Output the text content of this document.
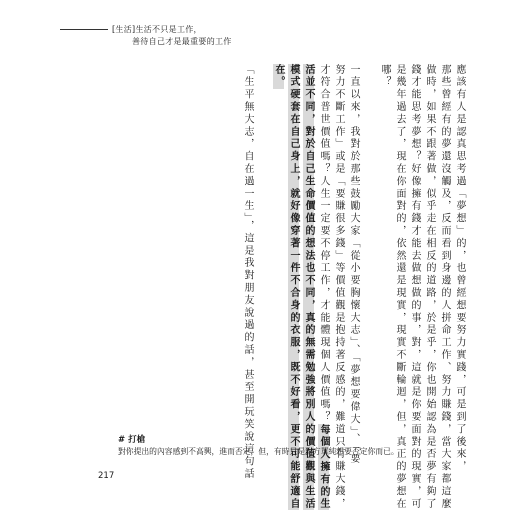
[生活]生活不只是工作，
善待自己才是最重要的工作
應該有人是認真思考過「夢想」的，也曾經想要努力實踐，可是到了後來，
那些曾經有的夢還沒觸及，反而看到身邊的人拼命工作、努力賺錢，當大家都這麼
做時，如果不跟著做，似乎走在相反的道路，於是乎，你也開始認為是否夢有夠了
錢才能思考夢想？好像擁有錢才能去做想做的事，對，這就是你要面對的現實，可
是幾年過去了，現在你面對的，依然還是現實，現實不斷輪迴，但，真正的夢想在
哪？
一直以來，我對於那些鼓勵大家「從小要胸懷大志」、「夢想要偉大」、「要
努力不斷工作」或是「要賺很多錢」等價值觀是抱持著反感的，難道只有賺大錢，
才符合普世價值嗎？人生一定要不停工作，才能體現個人價值嗎？每個人擁有的生
活並不同，對於自己生命價值的想法也不同，真的無需勉強將別人的價值觀與生活
模式硬套在自己身上，就好像穿著一件不合身的衣服，既不好看，更不可能舒適自
在。
「生平無大志，自在過一生」，這是我對朋友說過的話，甚至開玩笑說這句話
# 打槍
對你提出的內容感到不高興，進而否定，但，有時只是對方單純想要否定你而已。
217
